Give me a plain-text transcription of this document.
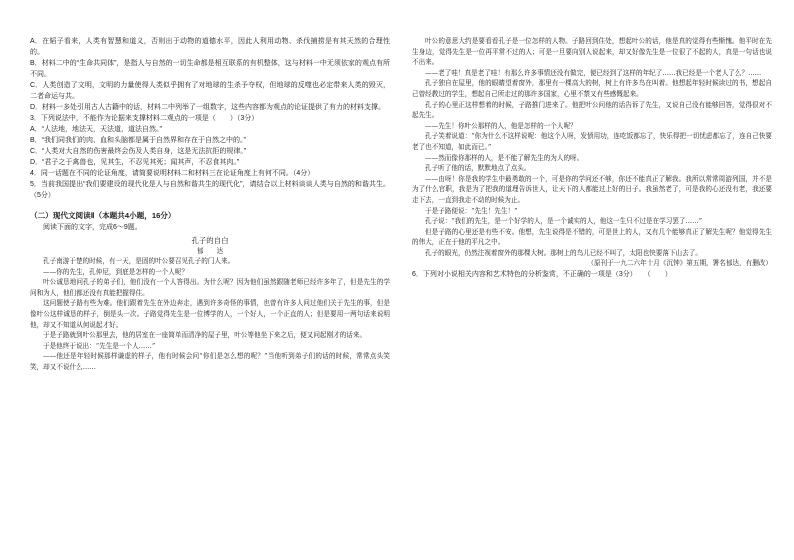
A．在韬子看来，人类有智慧和道义，否则出于动物的道德水平，因此人利用动物、杀伐捕捞是有其天然的合理性的。

B．材料二中的“生命共同体”，是指人与自然的一切生命都是相互联系的有机整体，这与材料一中无须依家的观点有所不同。

C．人类创造了文明，文明的力量使得人类似乎拥有了对地球的生杀予夺权，但地球的反噬也必定带来人类的毁灭，二者命运与共。

D．材料一多处引用古人古籍中的话，材料二中列举了一组数字，这些内容都为观点的论证提供了有力的材料支撑。

3．下列说法中，不能作为论据来支撑材料二观点的一项是（　　）（3分）

A．“人法地，地法天，天法道，道法自然。”

B．“我们同我们的肉、血和头脑都是属于自然界和存在于自然之中的。”

C．“人类对大自然的伤害最终会伤及人类自身，这是无法抗拒的规律。”

D．“君子之于禽兽也，见其生，不忍见其死；闻其声，不忍食其肉。”

4．同一话题在不同的论证角度，请简要说明材料二和材料三在论证角度上有何不同。（4分）

5．当前我国提出“我们要建设的现代化是人与自然和谐共生的现代化”，请结合以上材料谈谈人类与自然的和谐共生。（5分）

（二）现代文阅读Ⅱ（本题共4小题，16分）

阅读下面的文字，完成6～9题。

孔子的自白

郁　　达

孔子南游于楚的时候，有一天，是固的叶公要召见孔子的门人来。

——你的先生，孔仲尼，到底是怎样的一个人呢？

叶公诚恳地问孔子的弟子们，他们没有一个人答得出。为什么呢？因为他们虽然跟随老师已经许多年了，但是先生的学问和为人，他们都还没有真能把握得住。

这问题使子路有些为难。他们跟着先生在外边奔走，遇到许多奇怪的事情，也曾有许多人问过他们关于先生的事，但是像叶公这样诚恳的样子，倒是头一次。子路觉得先生是一位博学的人，一个好人，一个正直的人；但是要用一两句话来说明他，却又不知道从何说起才好。

于是子路就到叶公那里去，他的居室在一座简单而清净的屋子里，叶公等他坐下来之后，便又问起刚才的话来。

于是他终于说出：“先生是一个人……”

——他还是年轻时候那样谦虚的样子，他有时候会问“你们是怎么想的呢？”当他听到弟子们的话的时候，常常点头笑笑，却又不说什么……

叶公的意思大约是要看看孔子是一位怎样的人物。子路回到住处，想起叶公的话，他是真的觉得有些惭愧。他平时在先生身边，觉得先生是一位再平常不过的人；可是一旦要向别人说起来，却又好像先生是一位很了不起的人，真是一句话也说不出来。

——老了哇！真是老了哇！有那么许多事情还没有做完，便已经到了这样的年纪了……我已经是一个老人了么？……

孔子独自在屋里，他的眼睛望着窗外，那里有一棵高大的树，树上有许多鸟在叫着。他想起年轻时候读过的书，想起自己曾经教过的学生，想起自己所走过的那许多国家，心里不禁又有些感慨起来。

孔子的心里正这样想着的时候，子路推门进来了。他把叶公问他的话告诉了先生，又说自己没有能够回答，觉得很对不起先生。

——先生！你叶公那样的人，他是怎样的一个人呢？

孔子笑着说道：“你为什么不这样说呢：他这个人呀，发愤用功，连吃饭都忘了，快乐得把一切忧虑都忘了，连自己快要老了也不知道，如此而已。”

——然而像你那样的人，是不能了解先生的为人的呀。

孔子听了他的话，默默地点了点头。

——由呀！你是我的学生中最勇敢的一个，可是你的学问还不够，你还不能真正了解我。我所以常常周游列国，并不是为了什么官职，我是为了把我的道理告诉世人，让天下的人都能过上好的日子。我虽然老了，可是我的心还没有老，我还要走下去，一直到我走不动的时候为止。

于是子路便说：“先生！先生！”

孔子说：“我们的先生，是一个好学的人，是一个诚实的人，他这一生只不过是在学习罢了……”

但是子路的心里还是有些不安。他想，先生说得是不错的，可是世上的人，又有几个能够真正了解先生呢？他觉得先生的伟大，正在于他的平凡之中。

孔子的眼光，仍然注视着窗外的那棵大树。那树上的鸟儿已经不叫了，太阳也快要落下山去了。

（原刊于一九二六年十月《沉钟》第五期，署名郁达，有删改）

6．下列对小说相关内容和艺术特色的分析鉴赏，不正确的一项是（3分）　　（　　）
